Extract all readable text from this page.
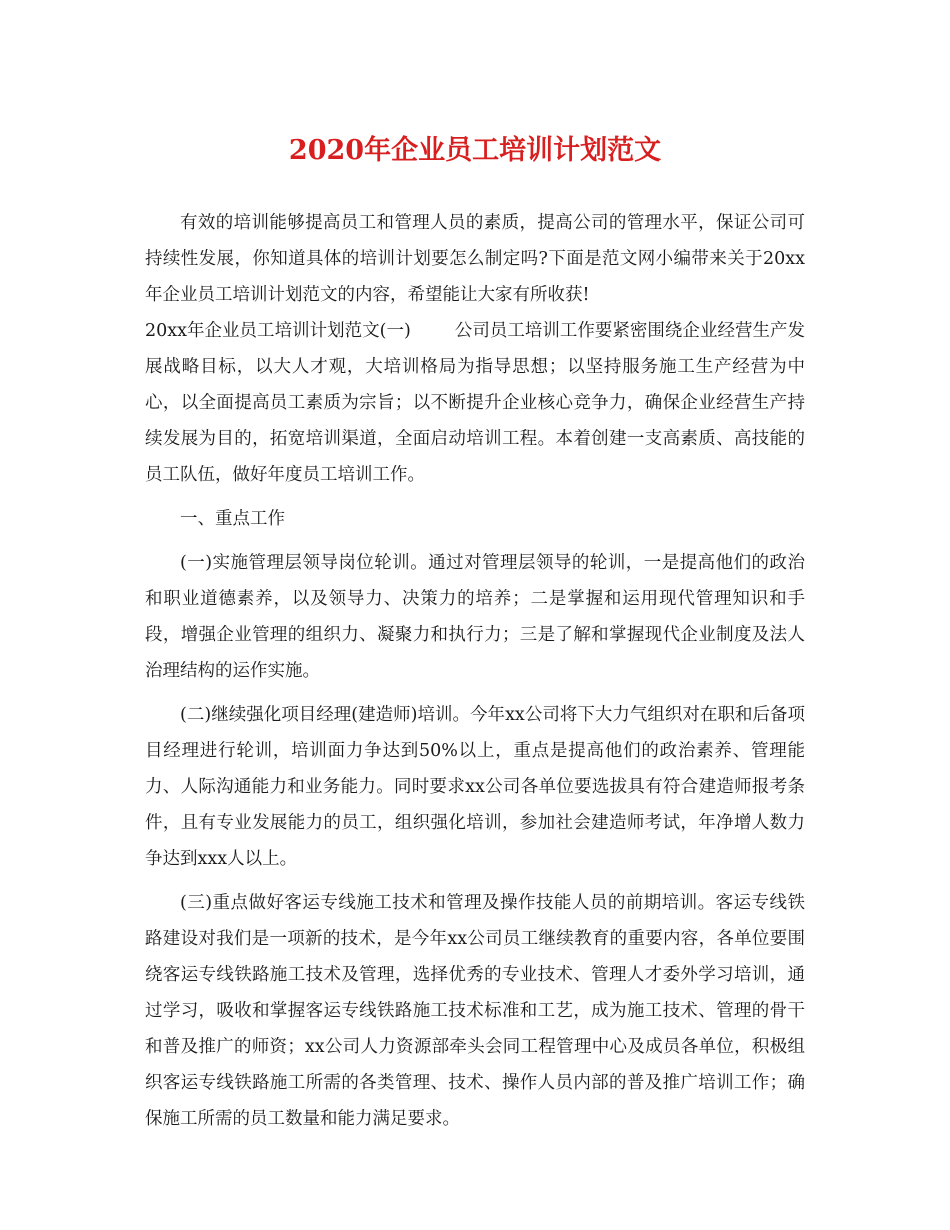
2020年企业员工培训计划范文

有效的培训能够提高员工和管理人员的素质，提高公司的管理水平，保证公司可持续性发展，你知道具体的培训计划要怎么制定吗?下面是范文网小编带来关于20xx年企业员工培训计划范文的内容，希望能让大家有所收获!

20xx年企业员工培训计划范文(一)	公司员工培训工作要紧密围绕企业经营生产发展战略目标，以大人才观，大培训格局为指导思想；以坚持服务施工生产经营为中心，以全面提高员工素质为宗旨；以不断提升企业核心竞争力，确保企业经营生产持续发展为目的，拓宽培训渠道，全面启动培训工程。本着创建一支高素质、高技能的员工队伍，做好年度员工培训工作。

一、重点工作

(一)实施管理层领导岗位轮训。通过对管理层领导的轮训，一是提高他们的政治和职业道德素养，以及领导力、决策力的培养；二是掌握和运用现代管理知识和手段，增强企业管理的组织力、凝聚力和执行力；三是了解和掌握现代企业制度及法人治理结构的运作实施。

(二)继续强化项目经理(建造师)培训。今年xx公司将下大力气组织对在职和后备项目经理进行轮训，培训面力争达到50%以上，重点是提高他们的政治素养、管理能力、人际沟通能力和业务能力。同时要求xx公司各单位要选拔具有符合建造师报考条件，且有专业发展能力的员工，组织强化培训，参加社会建造师考试，年净增人数力争达到xxx人以上。

(三)重点做好客运专线施工技术和管理及操作技能人员的前期培训。客运专线铁路建设对我们是一项新的技术，是今年xx公司员工继续教育的重要内容，各单位要围绕客运专线铁路施工技术及管理，选择优秀的专业技术、管理人才委外学习培训，通过学习，吸收和掌握客运专线铁路施工技术标准和工艺，成为施工技术、管理的骨干和普及推广的师资；xx公司人力资源部牵头会同工程管理中心及成员各单位，积极组织客运专线铁路施工所需的各类管理、技术、操作人员内部的普及推广培训工作；确保施工所需的员工数量和能力满足要求。
